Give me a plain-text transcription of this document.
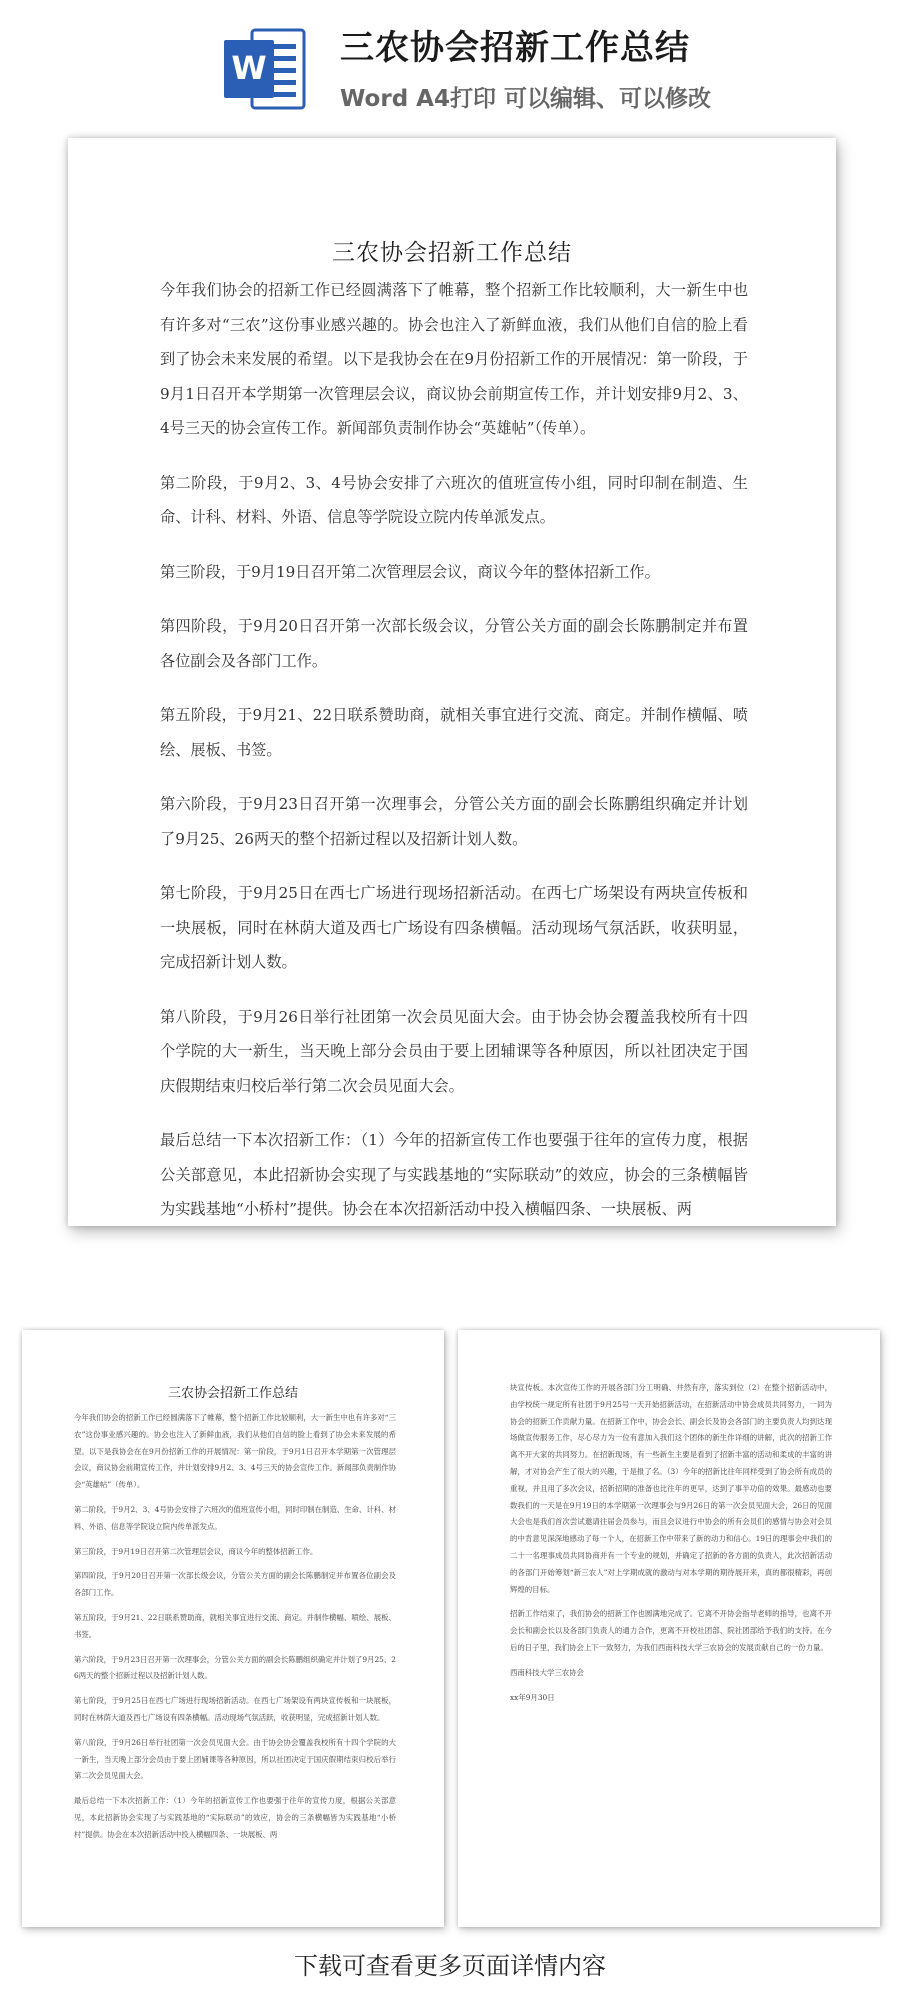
W 三农协会招新工作总结
Word A4打印 可以编辑、可以修改
三农协会招新工作总结

今年我们协会的招新工作已经圆满落下了帷幕，整个招新工作比较顺利，大一新生中也有许多对“三农”这份事业感兴趣的。协会也注入了新鲜血液，我们从他们自信的脸上看到了协会未来发展的希望。以下是我协会在在9月份招新工作的开展情况：第一阶段，于9月1日召开本学期第一次管理层会议，商议协会前期宣传工作，并计划安排9月2、3、4号三天的协会宣传工作。新闻部负责制作协会“英雄帖”（传单）。

第二阶段，于9月2、3、4号协会安排了六班次的值班宣传小组，同时印制在制造、生命、计科、材料、外语、信息等学院设立院内传单派发点。

第三阶段，于9月19日召开第二次管理层会议，商议今年的整体招新工作。

第四阶段，于9月20日召开第一次部长级会议，分管公关方面的副会长陈鹏制定并布置各位副会及各部门工作。

第五阶段，于9月21、22日联系赞助商，就相关事宜进行交流、商定。并制作横幅、喷绘、展板、书签。

第六阶段，于9月23日召开第一次理事会，分管公关方面的副会长陈鹏组织确定并计划了9月25、26两天的整个招新过程以及招新计划人数。

第七阶段，于9月25日在西七广场进行现场招新活动。在西七广场架设有两块宣传板和一块展板，同时在林荫大道及西七广场设有四条横幅。活动现场气氛活跃，收获明显，完成招新计划人数。

第八阶段，于9月26日举行社团第一次会员见面大会。由于协会协会覆盖我校所有十四个学院的大一新生，当天晚上部分会员由于要上团辅课等各种原因，所以社团决定于国庆假期结束归校后举行第二次会员见面大会。

最后总结一下本次招新工作：（1）今年的招新宣传工作也要强于往年的宣传力度，根据公关部意见，本此招新协会实现了与实践基地的“实际联动”的效应，协会的三条横幅皆为实践基地“小桥村”提供。协会在本次招新活动中投入横幅四条、一块展板、两

三农协会招新工作总结

今年我们协会的招新工作已经圆满落下了帷幕，整个招新工作比较顺利，大一新生中也有许多对“三农”这份事业感兴趣的。协会也注入了新鲜血液，我们从他们自信的脸上看到了协会未来发展的希望。以下是我协会在在9月份招新工作的开展情况：第一阶段，于9月1日召开本学期第一次管理层会议，商议协会前期宣传工作，并计划安排9月2、3、4号三天的协会宣传工作。新闻部负责制作协会“英雄帖”（传单）。

第二阶段，于9月2、3、4号协会安排了六班次的值班宣传小组，同时印制在制造、生命、计科、材料、外语、信息等学院设立院内传单派发点。

第三阶段，于9月19日召开第二次管理层会议，商议今年的整体招新工作。

第四阶段，于9月20日召开第一次部长级会议，分管公关方面的副会长陈鹏制定并布置各位副会及各部门工作。

第五阶段，于9月21、22日联系赞助商，就相关事宜进行交流、商定。并制作横幅、喷绘、展板、书签。

第六阶段，于9月23日召开第一次理事会，分管公关方面的副会长陈鹏组织确定并计划了9月25、26两天的整个招新过程以及招新计划人数。

第七阶段，于9月25日在西七广场进行现场招新活动。在西七广场架设有两块宣传板和一块展板，同时在林荫大道及西七广场设有四条横幅。活动现场气氛活跃，收获明显，完成招新计划人数。

第八阶段，于9月26日举行社团第一次会员见面大会。由于协会协会覆盖我校所有十四个学院的大一新生，当天晚上部分会员由于要上团辅课等各种原因，所以社团决定于国庆假期结束归校后举行第二次会员见面大会。

最后总结一下本次招新工作：（1）今年的招新宣传工作也要强于往年的宣传力度，根据公关部意见，本此招新协会实现了与实践基地的“实际联动”的效应，协会的三条横幅皆为实践基地“小桥村”提供。协会在本次招新活动中投入横幅四条、一块展板、两

块宣传板。本次宣传工作的开展各部门分工明确、井然有序，落实到位（2）在整个招新活动中，由学校统一规定所有社团于9月25号一天开始招新活动，在招新活动中协会成员共同努力，一同为协会的招新工作贡献力量。在招新工作中，协会会长、副会长及协会各部门的主要负责人均到达现场做宣传服务工作，尽心尽力为一位有意加入我们这个团体的新生作详细的讲解，此次的招新工作离不开大家的共同努力。在招新现场，有一些新生主要是看到了招新丰富的活动和柔成的丰富的讲解，才对协会产生了很大的兴趣，于是报了名。（3）今年的招新比往年同样受到了协会所有成员的重视，并且用了多次会议，招新招期的准备也比往年的更早，达到了事半功倍的效果。最感动也要数我们的一天是在9月19日的本学期第一次理事会与9月26日的第一次会员见面大会，26日的见面大会也是我们首次尝试邀请往届会员参与，而且会议进行中协会的所有会员们的感情与协会对会员的中肯意见深深地感动了每一个人，在招新工作中带来了新的动力和信心。19日的理事会中我们的二十一名理事成员共同协商并有一个专业的规划，并确定了招新的各方面的负责人，此次招新活动的各部门开始筹划“新三农人”对上学期成就的激动与对本学期的期待展开来，真的都很精彩，再创辉煌的目标。

招新工作结束了，我们协会的招新工作也圆满地完成了。它离不开协会指导老师的指导，也离不开会长和副会长以及各部门负责人的通力合作，更离不开校社团部、院社团部给予我们的支持。在今后的日子里，我们协会上下一致努力，为我们西南科技大学三农协会的发展贡献自己的一份力量。

西南科技大学三农协会

xx年9月30日

下载可查看更多页面详情内容
